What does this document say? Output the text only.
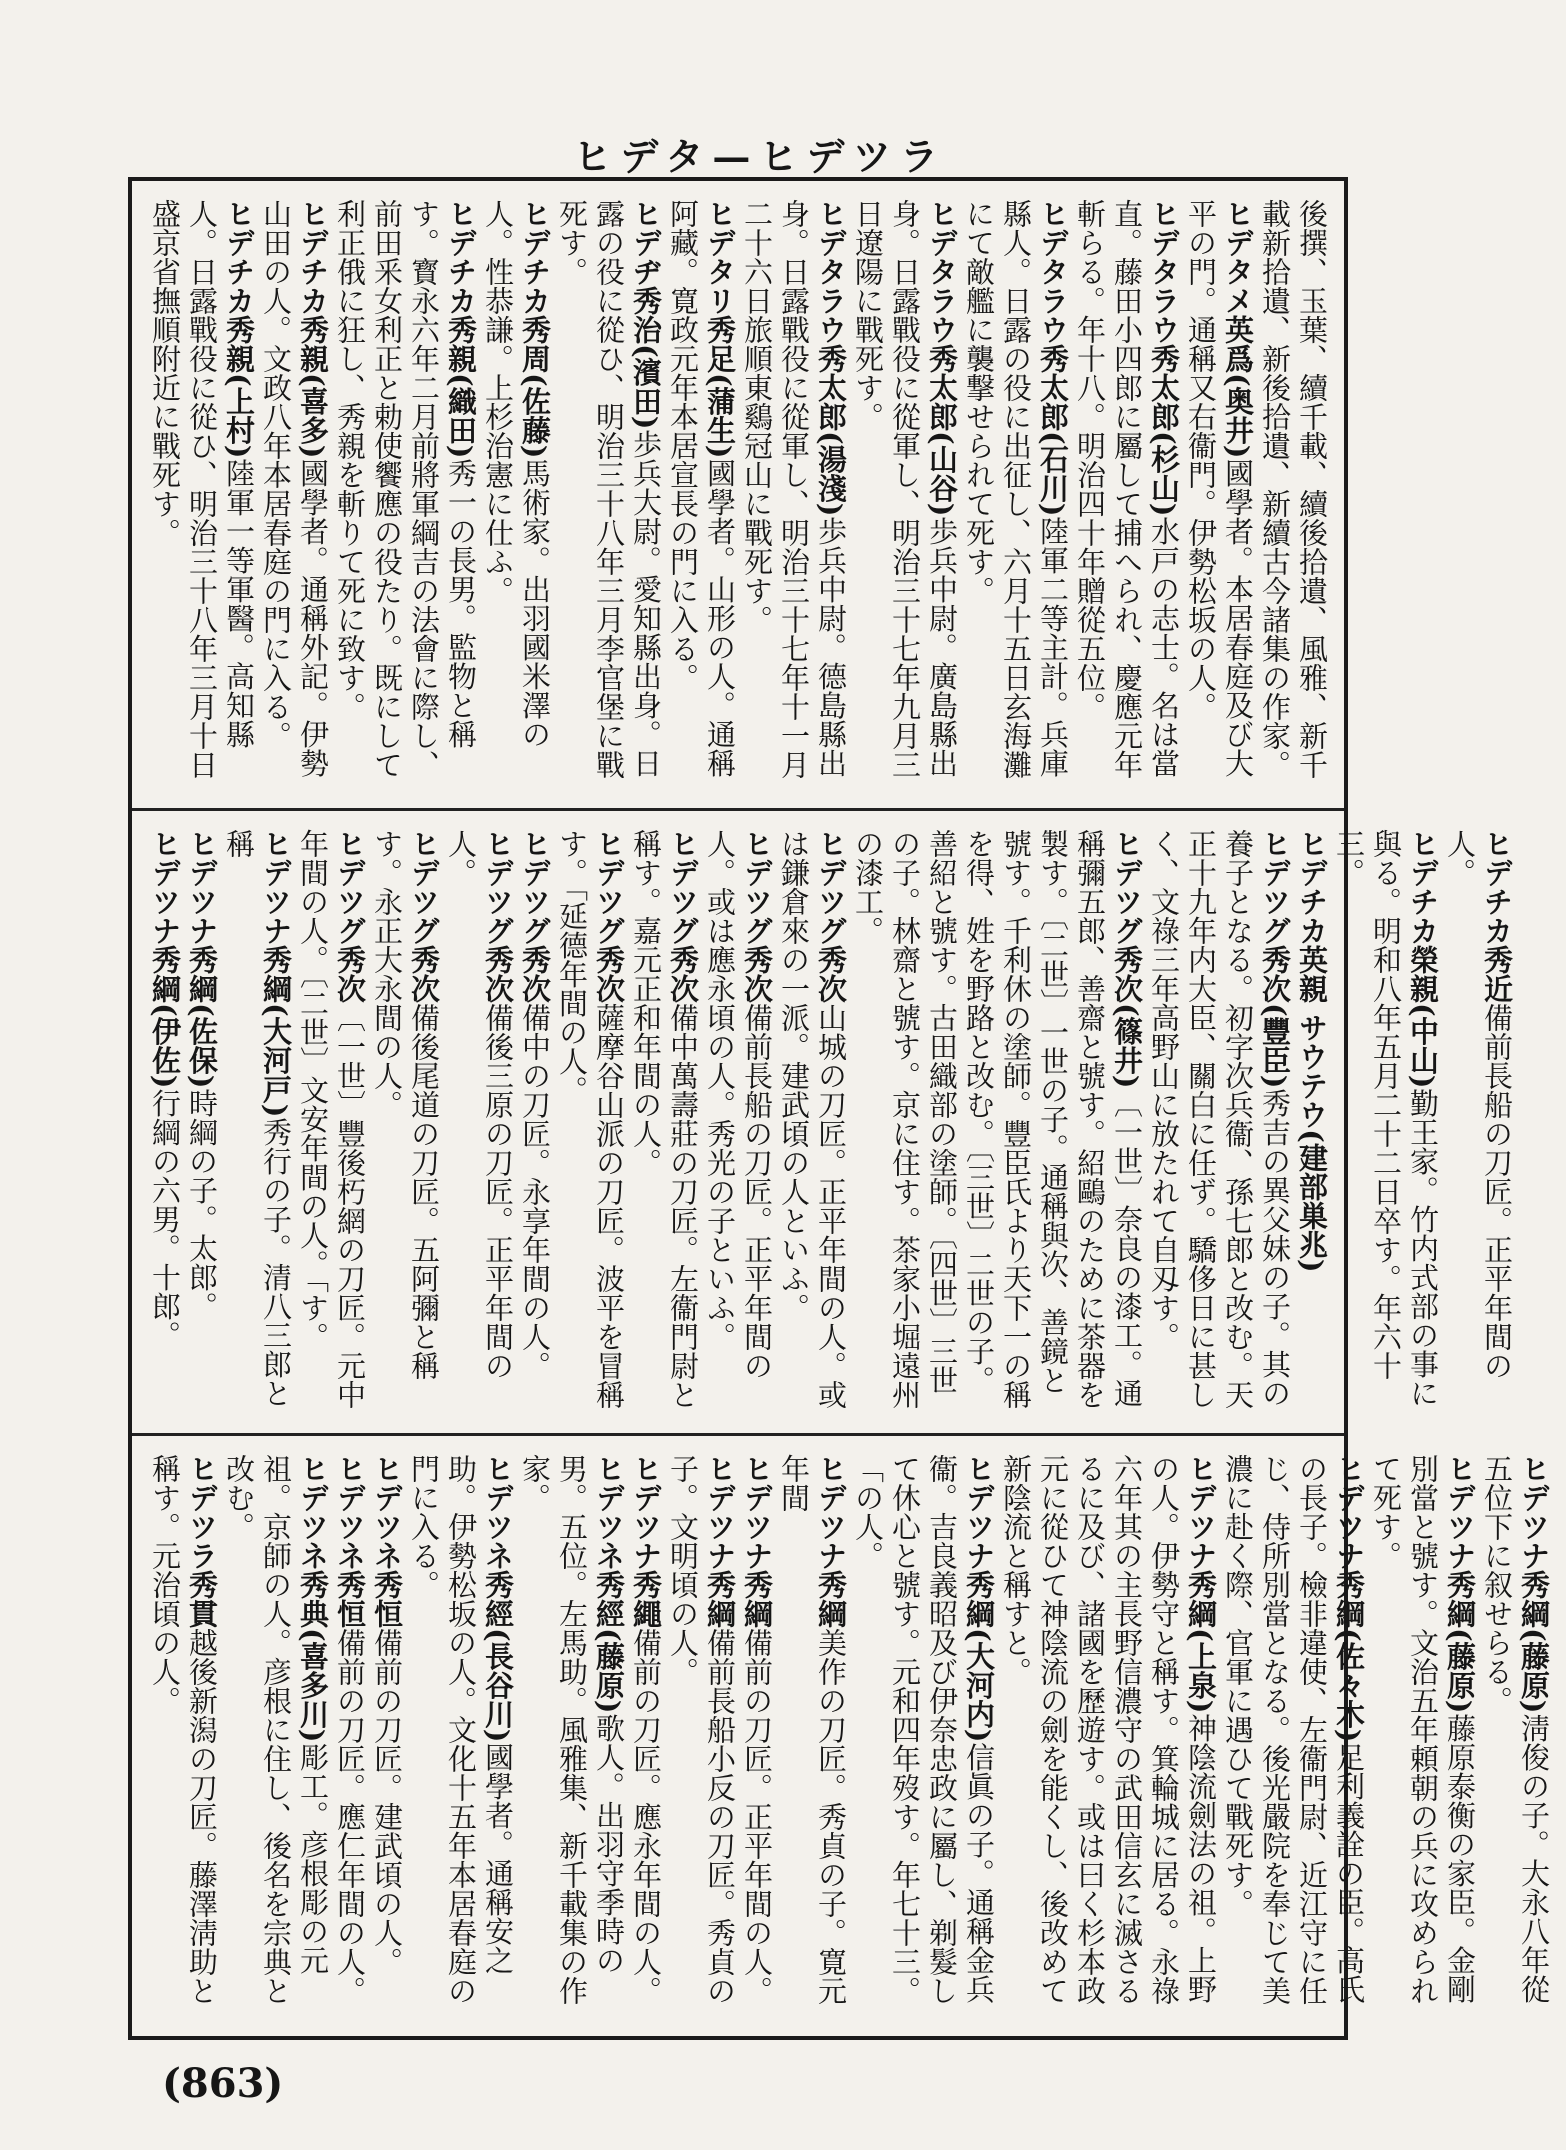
ヒデタ—ヒデツラ

後撰、玉葉、續千載、續後拾遺、風雅、新千載新拾遺、新後拾遺、新續古今諸集の作家。

ヒデタメ英爲(奥井)國學者。本居春庭及び大平の門。通稱又右衞門。伊勢松坂の人。

ヒデタラウ秀太郎(杉山)水戸の志士。名は當直。藤田小四郎に屬して捕へられ、慶應元年斬らる。年十八。明治四十年贈從五位。

ヒデタラウ秀太郎(石川)陸軍二等主計。兵庫縣人。日露の役に出征し、六月十五日玄海灘にて敵艦に襲撃せられて死す。

ヒデタラウ秀太郎(山谷)歩兵中尉。廣島縣出身。日露戰役に從軍し、明治三十七年九月三日遼陽に戰死す。

ヒデタラウ秀太郎(湯淺)歩兵中尉。德島縣出身。日露戰役に從軍し、明治三十七年十一月二十六日旅順東鷄冠山に戰死す。

ヒデタリ秀足(蒲生)國學者。山形の人。通稱阿藏。寛政元年本居宣長の門に入る。

ヒデヂ秀治(濱田)歩兵大尉。愛知縣出身。日露の役に從ひ、明治三十八年三月李官堡に戰死す。

ヒデチカ秀周(佐藤)馬術家。出羽國米澤の人。性恭謙。上杉治憲に仕ふ。

ヒデチカ秀親(織田)秀一の長男。監物と稱す。寳永六年二月前將軍綱吉の法會に際し、前田釆女利正と勅使饗應の役たり。既にして利正俄に狂し、秀親を斬りて死に致す。

ヒデチカ秀親(喜多)國學者。通稱外記。伊勢山田の人。文政八年本居春庭の門に入る。

ヒデチカ秀親(上村)陸軍一等軍醫。高知縣人。日露戰役に從ひ、明治三十八年三月十日盛京省撫順附近に戰死す。

ヒデチカ秀近備前長船の刀匠。正平年間の人。

ヒデチカ榮親(中山)勤王家。竹内式部の事に與る。明和八年五月二十二日卒す。年六十三。

ヒデチカ英親 サウテウ(建部巣兆)

ヒデツグ秀次(豐臣)秀吉の異父妹の子。其の養子となる。初字次兵衞、孫七郎と改む。天正十九年内大臣、關白に任ず。驕侈日に甚しく、文祿三年高野山に放たれて自刄す。

ヒデツグ秀次(篠井)〔一世〕奈良の漆工。通稱彌五郎、善齋と號す。紹鷗のために茶器を製す。〔二世〕一世の子。通稱與次、善鏡と號す。千利休の塗師。豐臣氏より天下一の稱を得、姓を野路と改む。〔三世〕二世の子。善紹と號す。古田織部の塗師。〔四世〕三世の子。林齋と號す。京に住す。茶家小堀遠州の漆工。

ヒデツグ秀次山城の刀匠。正平年間の人。或は鎌倉來の一派。建武頃の人といふ。

ヒデツグ秀次備前長船の刀匠。正平年間の人。或は應永頃の人。秀光の子といふ。

ヒデツグ秀次備中萬壽莊の刀匠。左衞門尉と稱す。嘉元正和年間の人。

ヒデツグ秀次薩摩谷山派の刀匠。波平を冒稱す。「延德年間の人。

ヒデツグ秀次備中の刀匠。永享年間の人。

ヒデツグ秀次備後三原の刀匠。正平年間の人。

ヒデツグ秀次備後尾道の刀匠。五阿彌と稱す。永正大永間の人。

ヒデツグ秀次〔一世〕豐後朽網の刀匠。元中年間の人。〔二世〕文安年間の人。「す。

ヒデツナ秀綱(大河戸)秀行の子。清八三郎と稱

ヒデツナ秀綱(佐保)時綱の子。太郎。

ヒデツナ秀綱(伊佐)行綱の六男。十郎。

ヒデツナ秀綱(藤原)淸俊の子。大永八年從五位下に叙せらる。

ヒデツナ秀綱(藤原)藤原泰衡の家臣。金剛別當と號す。文治五年頼朝の兵に攻められて死す。

ヒデツナ秀綱(佐々木)足利義詮の臣。高氏の長子。檢非違使、左衞門尉、近江守に任じ、侍所別當となる。後光嚴院を奉じて美濃に赴く際、官軍に遇ひて戰死す。

ヒデツナ秀綱(上泉)神陰流劍法の祖。上野の人。伊勢守と稱す。箕輪城に居る。永祿六年其の主長野信濃守の武田信玄に滅さるるに及び、諸國を歷遊す。或は曰く杉本政元に從ひて神陰流の劍を能くし、後改めて新陰流と稱すと。

ヒデツナ秀綱(大河内)信眞の子。通稱金兵衞。吉良義昭及び伊奈忠政に屬し、剃髮して休心と號す。元和四年歿す。年七十三。「の人。

ヒデツナ秀綱美作の刀匠。秀貞の子。寛元年間

ヒデツナ秀綱備前の刀匠。正平年間の人。

ヒデツナ秀綱備前長船小反の刀匠。秀貞の子。文明頃の人。

ヒデツナ秀繩備前の刀匠。應永年間の人。

ヒデツネ秀經(藤原)歌人。出羽守季時の男。五位。左馬助。風雅集、新千載集の作家。

ヒデツネ秀經(長谷川)國學者。通稱安之助。伊勢松坂の人。文化十五年本居春庭の門に入る。

ヒデツネ秀恒備前の刀匠。建武頃の人。

ヒデツネ秀恒備前の刀匠。應仁年間の人。

ヒデツネ秀典(喜多川)彫工。彦根彫の元祖。京師の人。彦根に住し、後名を宗典と改む。

ヒデツラ秀貫越後新潟の刀匠。藤澤淸助と稱す。元治頃の人。

(863)
